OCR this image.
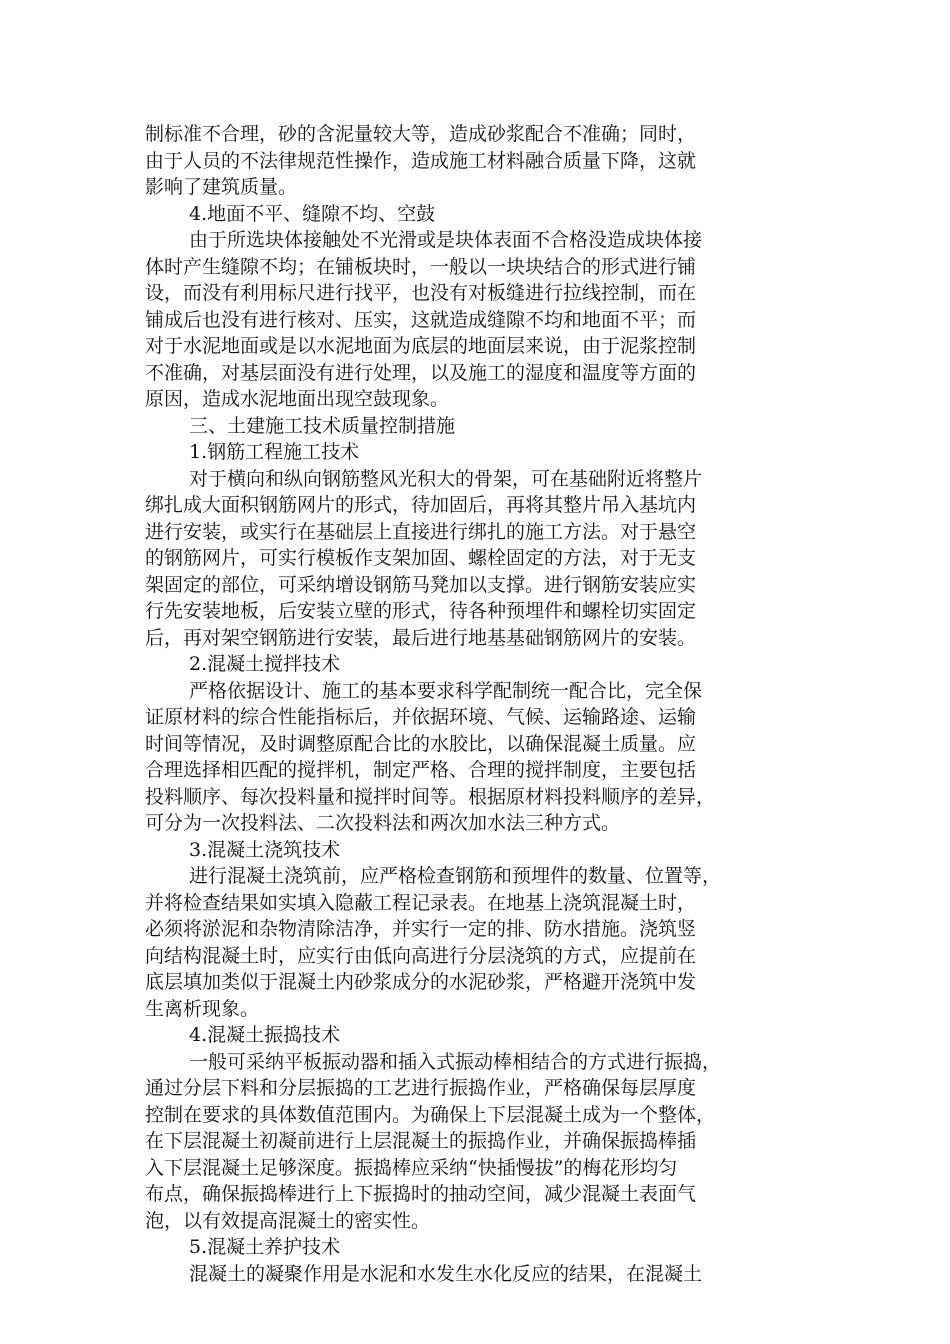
制标准不合理，砂的含泥量较大等，造成砂浆配合不准确；同时，
由于人员的不法律规范性操作，造成施工材料融合质量下降，这就
影响了建筑质量。
4.地面不平、缝隙不均、空鼓
由于所选块体接触处不光滑或是块体表面不合格没造成块体接
体时产生缝隙不均；在铺板块时，一般以一块块结合的形式进行铺
设，而没有利用标尺进行找平，也没有对板缝进行拉线控制，而在
铺成后也没有进行核对、压实，这就造成缝隙不均和地面不平；而
对于水泥地面或是以水泥地面为底层的地面层来说，由于泥浆控制
不准确，对基层面没有进行处理，以及施工的湿度和温度等方面的
原因，造成水泥地面出现空鼓现象。
三、土建施工技术质量控制措施
1.钢筋工程施工技术
对于横向和纵向钢筋整风光积大的骨架，可在基础附近将整片
绑扎成大面积钢筋网片的形式，待加固后，再将其整片吊入基坑内
进行安装，或实行在基础层上直接进行绑扎的施工方法。对于悬空
的钢筋网片，可实行模板作支架加固、螺栓固定的方法，对于无支
架固定的部位，可采纳增设钢筋马凳加以支撑。进行钢筋安装应实
行先安装地板，后安装立壁的形式，待各种预埋件和螺栓切实固定
后，再对架空钢筋进行安装，最后进行地基基础钢筋网片的安装。
2.混凝土搅拌技术
严格依据设计、施工的基本要求科学配制统一配合比，完全保
证原材料的综合性能指标后，并依据环境、气候、运输路途、运输
时间等情况，及时调整原配合比的水胶比，以确保混凝土质量。应
合理选择相匹配的搅拌机，制定严格、合理的搅拌制度，主要包括
投料顺序、每次投料量和搅拌时间等。根据原材料投料顺序的差异，
可分为一次投料法、二次投料法和两次加水法三种方式。
3.混凝土浇筑技术
进行混凝土浇筑前，应严格检查钢筋和预埋件的数量、位置等，
并将检查结果如实填入隐蔽工程记录表。在地基上浇筑混凝土时，
必须将淤泥和杂物清除洁净，并实行一定的排、防水措施。浇筑竖
向结构混凝土时，应实行由低向高进行分层浇筑的方式，应提前在
底层填加类似于混凝土内砂浆成分的水泥砂浆，严格避开浇筑中发
生离析现象。
4.混凝土振捣技术
一般可采纳平板振动器和插入式振动棒相结合的方式进行振捣，
通过分层下料和分层振捣的工艺进行振捣作业，严格确保每层厚度
控制在要求的具体数值范围内。为确保上下层混凝土成为一个整体，
在下层混凝土初凝前进行上层混凝土的振捣作业，并确保振捣棒插
入下层混凝土足够深度。振捣棒应采纳“快插慢拔”的梅花形均匀
布点，确保振捣棒进行上下振捣时的抽动空间，减少混凝土表面气
泡，以有效提高混凝土的密实性。
5.混凝土养护技术
混凝土的凝聚作用是水泥和水发生水化反应的结果，在混凝土
